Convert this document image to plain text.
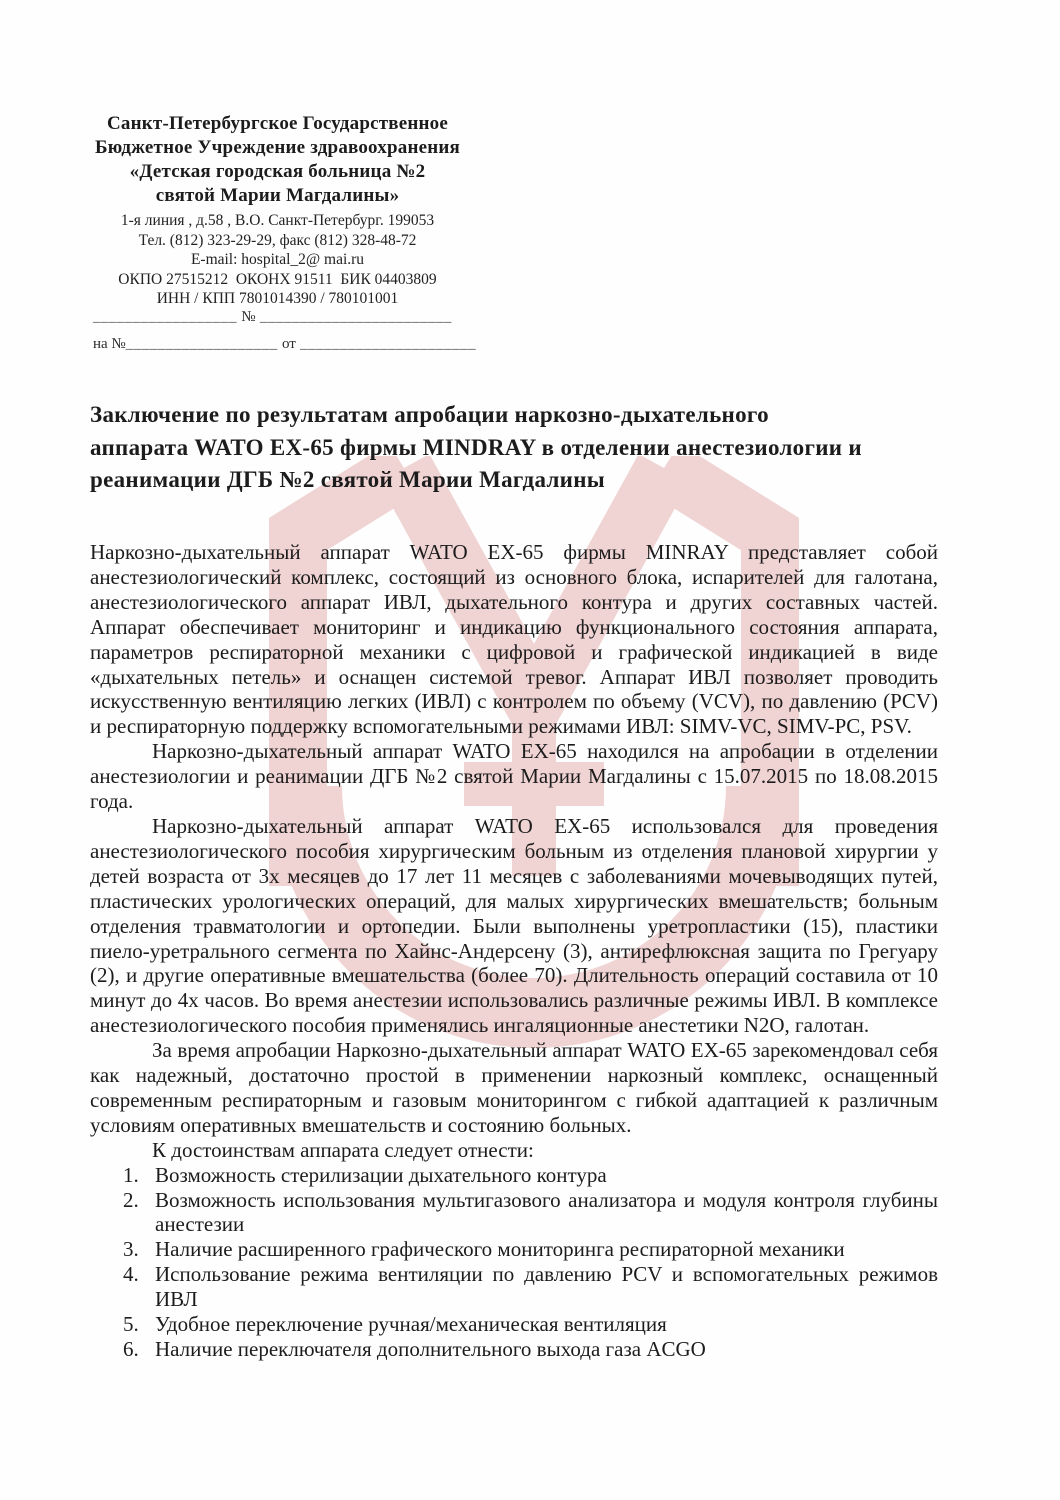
Санкт-Петербургское Государственное
Бюджетное Учреждение здравоохранения
«Детская городская больница №2
святой Марии Магдалины»
1-я линия , д.58 , В.О. Санкт-Петербург. 199053
Тел. (812) 323-29-29, факс (812) 328-48-72
E-mail: hospital_2@ mai.ru
ОКПО 27515212  ОКОНХ 91511  БИК 04403809
ИНН / КПП 7801014390 / 780101001
__________________ № ________________________
на №___________________ от ______________________
Заключение по результатам апробации наркозно-дыхательного
аппарата WATO EX-65 фирмы MINDRAY в отделении анестезиологии и
реанимации ДГБ №2 святой Марии Магдалины

Наркозно-дыхательный аппарат WATO EX-65 фирмы MINRAY представляет собой анестезиологический комплекс, состоящий из основного блока, испарителей для галотана, анестезиологического аппарат ИВЛ, дыхательного контура и других составных частей. Аппарат обеспечивает мониторинг и индикацию функционального состояния аппарата, параметров респираторной механики с цифровой и графической индикацией в виде «дыхательных петель» и оснащен системой тревог. Аппарат ИВЛ позволяет проводить искусственную вентиляцию легких (ИВЛ) с контролем по объему (VCV), по давлению (PCV) и респираторную поддержку вспомогательными режимами ИВЛ: SIMV-VC, SIMV-PC, PSV.

Наркозно-дыхательный аппарат WATO EX-65 находился на апробации в отделении анестезиологии и реанимации ДГБ №2 святой Марии Магдалины с 15.07.2015 по 18.08.2015 года.

Наркозно-дыхательный аппарат WATO EX-65 использовался для проведения анестезиологического пособия хирургическим больным из отделения плановой хирургии у детей возраста от 3х месяцев до 17 лет 11 месяцев с заболеваниями мочевыводящих путей, пластических урологических операций, для малых хирургических вмешательств; больным отделения травматологии и ортопедии. Были выполнены уретропластики (15), пластики пиело-уретрального сегмента по Хайнс-Андерсену (3), антирефлюксная защита по Грегуару (2), и другие оперативные вмешательства (более 70). Длительность операций составила от 10 минут до 4х часов. Во время анестезии использовались различные режимы ИВЛ. В комплексе анестезиологического пособия применялись ингаляционные анестетики N2O, галотан.

За время апробации Наркозно-дыхательный аппарат WATO EX-65 зарекомендовал себя как надежный, достаточно простой в применении наркозный комплекс, оснащенный современным респираторным и газовым мониторингом с гибкой адаптацией к различным условиям оперативных вмешательств и состоянию больных.

К достоинствам аппарата следует отнести:

1. Возможность стерилизации дыхательного контура
2. Возможность использования мультигазового анализатора и модуля контроля глубины анестезии
3. Наличие расширенного графического мониторинга респираторной механики
4. Использование режима вентиляции по давлению PCV и вспомогательных режимов ИВЛ
5. Удобное переключение ручная/механическая вентиляция
6. Наличие переключателя дополнительного выхода газа ACGO
